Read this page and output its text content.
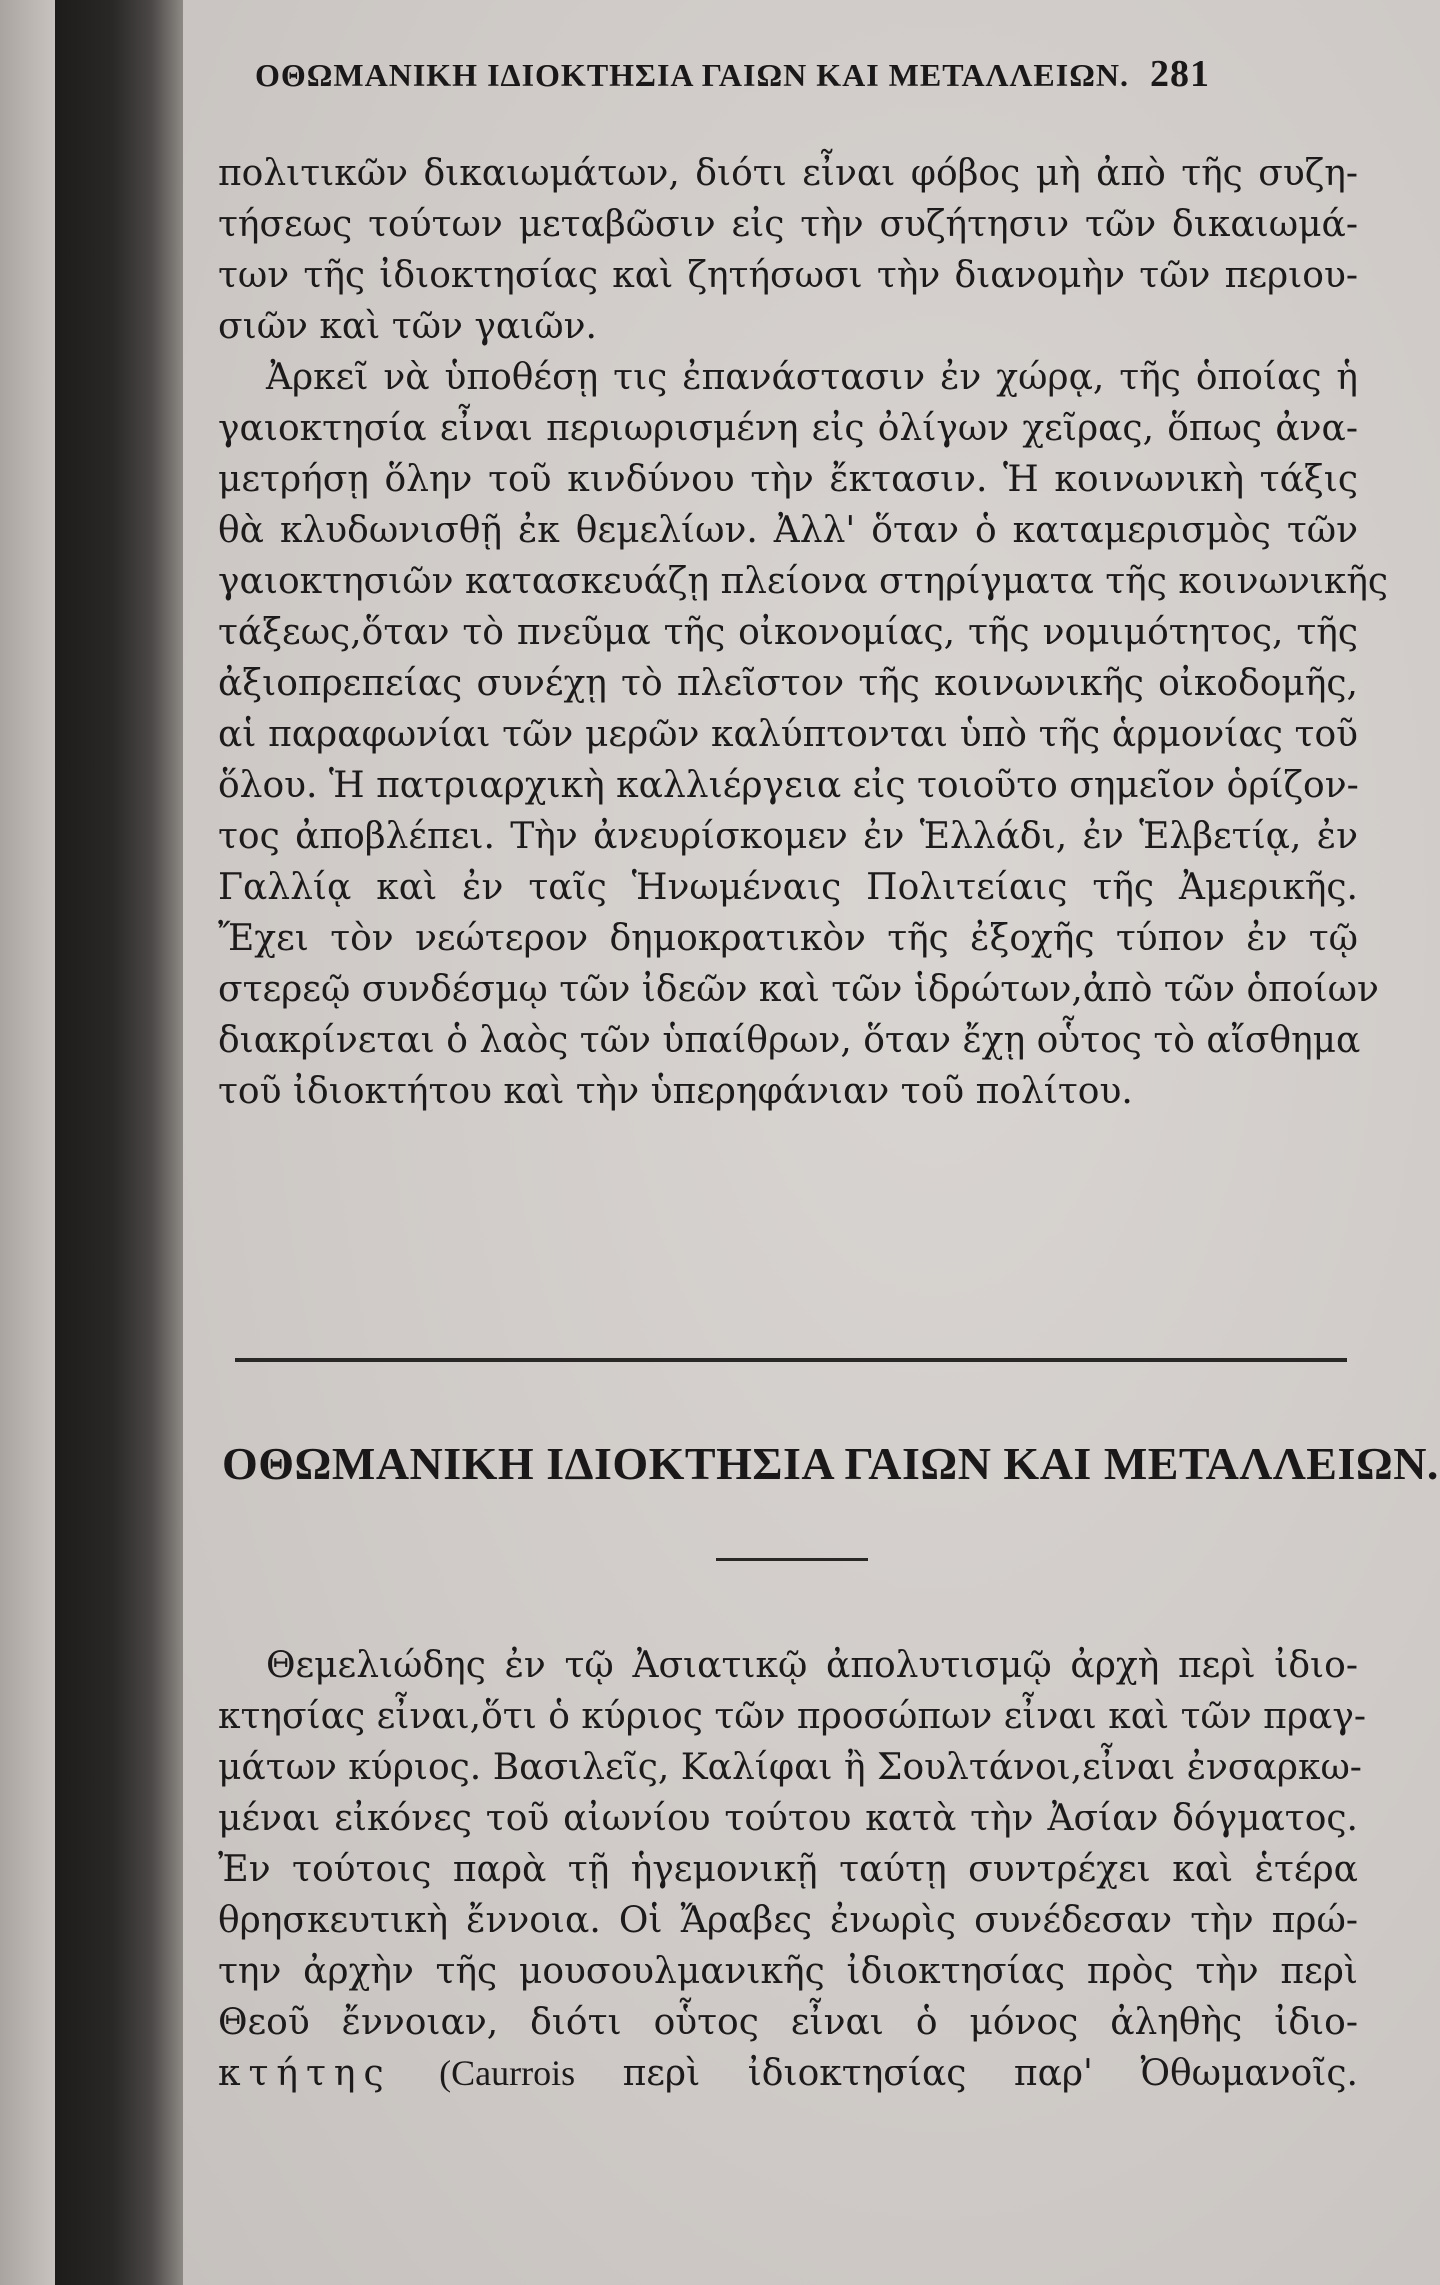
ΟΘΩΜΑΝΙΚΗ ΙΔΙΟΚΤΗΣΙΑ ΓΑΙΩΝ ΚΑΙ ΜΕΤΑΛΛΕΙΩΝ. 281
πολιτικῶν δικαιωμάτων, διότι εἶναι φόβος μὴ ἀπὸ τῆς συζη-
τήσεως τούτων μεταβῶσιν εἰς τὴν συζήτησιν τῶν δικαιωμά-
των τῆς ἰδιοκτησίας καὶ ζητήσωσι τὴν διανομὴν τῶν περιου-
σιῶν καὶ τῶν γαιῶν.
Ἀρκεῖ νὰ ὑποθέσῃ τις ἐπανάστασιν ἐν χώρᾳ, τῆς ὁποίας ἡ
γαιοκτησία εἶναι περιωρισμένη εἰς ὀλίγων χεῖρας, ὅπως ἀνα-
μετρήσῃ ὅλην τοῦ κινδύνου τὴν ἔκτασιν. Ἡ κοινωνικὴ τάξις
θὰ κλυδωνισθῇ ἐκ θεμελίων. Ἀλλ' ὅταν ὁ καταμερισμὸς τῶν
γαιοκτησιῶν κατασκευάζῃ πλείονα στηρίγματα τῆς κοινωνικῆς
τάξεως,ὅταν τὸ πνεῦμα τῆς οἰκονομίας, τῆς νομιμότητος, τῆς
ἀξιοπρεπείας συνέχῃ τὸ πλεῖστον τῆς κοινωνικῆς οἰκοδομῆς,
αἱ παραφωνίαι τῶν μερῶν καλύπτονται ὑπὸ τῆς ἁρμονίας τοῦ
ὅλου. Ἡ πατριαρχικὴ καλλιέργεια εἰς τοιοῦτο σημεῖον ὁρίζον-
τος ἀποβλέπει. Τὴν ἀνευρίσκομεν ἐν Ἑλλάδι, ἐν Ἑλβετίᾳ, ἐν
Γαλλίᾳ καὶ ἐν ταῖς Ἡνωμέναις Πολιτείαις τῆς Ἀμερικῆς.
Ἔχει τὸν νεώτερον δημοκρατικὸν τῆς ἐξοχῆς τύπον ἐν τῷ
στερεῷ συνδέσμῳ τῶν ἰδεῶν καὶ τῶν ἱδρώτων,ἀπὸ τῶν ὁποίων
διακρίνεται ὁ λαὸς τῶν ὑπαίθρων, ὅταν ἔχῃ οὗτος τὸ αἴσθημα
τοῦ ἰδιοκτήτου καὶ τὴν ὑπερηφάνιαν τοῦ πολίτου.
ΟΘΩΜΑΝΙΚΗ ΙΔΙΟΚΤΗΣΙΑ ΓΑΙΩΝ ΚΑΙ ΜΕΤΑΛΛΕΙΩΝ.
Θεμελιώδης ἐν τῷ Ἀσιατικῷ ἀπολυτισμῷ ἀρχὴ περὶ ἰδιο-
κτησίας εἶναι,ὅτι ὁ κύριος τῶν προσώπων εἶναι καὶ τῶν πραγ-
μάτων κύριος. Βασιλεῖς, Καλίφαι ἢ Σουλτάνοι,εἶναι ἐνσαρκω-
μέναι εἰκόνες τοῦ αἰωνίου τούτου κατὰ τὴν Ἀσίαν δόγματος.
Ἐν τούτοις παρὰ τῇ ἡγεμονικῇ ταύτῃ συντρέχει καὶ ἑτέρα
θρησκευτικὴ ἔννοια. Οἱ Ἄραβες ἐνωρὶς συνέδεσαν τὴν πρώ-
την ἀρχὴν τῆς μουσουλμανικῆς ἰδιοκτησίας πρὸς τὴν περὶ
Θεοῦ ἔννοιαν, διότι οὗτος εἶναι ὁ μόνος ἀληθὴς ἰδιο-
κτήτης (Caurrois περὶ ἰδιοκτησίας παρ' Ὀθωμανοῖς.
